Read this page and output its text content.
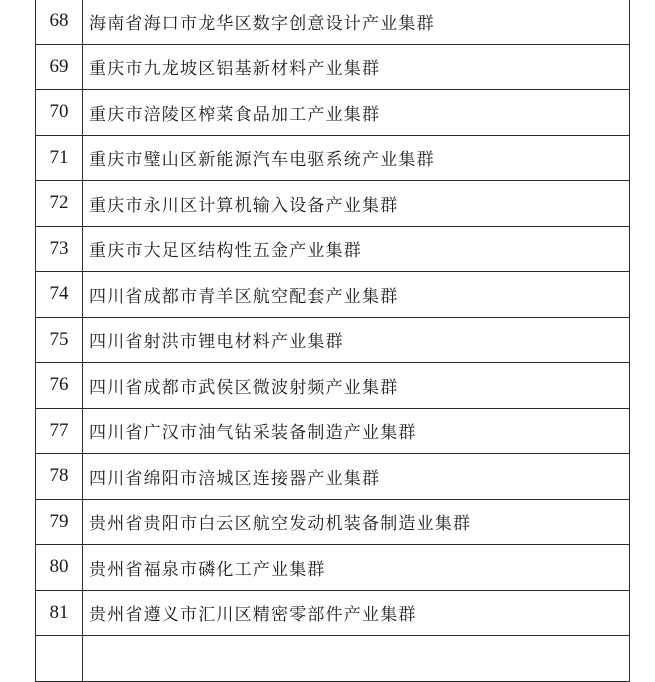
68	海南省海口市龙华区数字创意设计产业集群
69	重庆市九龙坡区铝基新材料产业集群
70	重庆市涪陵区榨菜食品加工产业集群
71	重庆市璧山区新能源汽车电驱系统产业集群
72	重庆市永川区计算机输入设备产业集群
73	重庆市大足区结构性五金产业集群
74	四川省成都市青羊区航空配套产业集群
75	四川省射洪市锂电材料产业集群
76	四川省成都市武侯区微波射频产业集群
77	四川省广汉市油气钻采装备制造产业集群
78	四川省绵阳市涪城区连接器产业集群
79	贵州省贵阳市白云区航空发动机装备制造业集群
80	贵州省福泉市磷化工产业集群
81	贵州省遵义市汇川区精密零部件产业集群
